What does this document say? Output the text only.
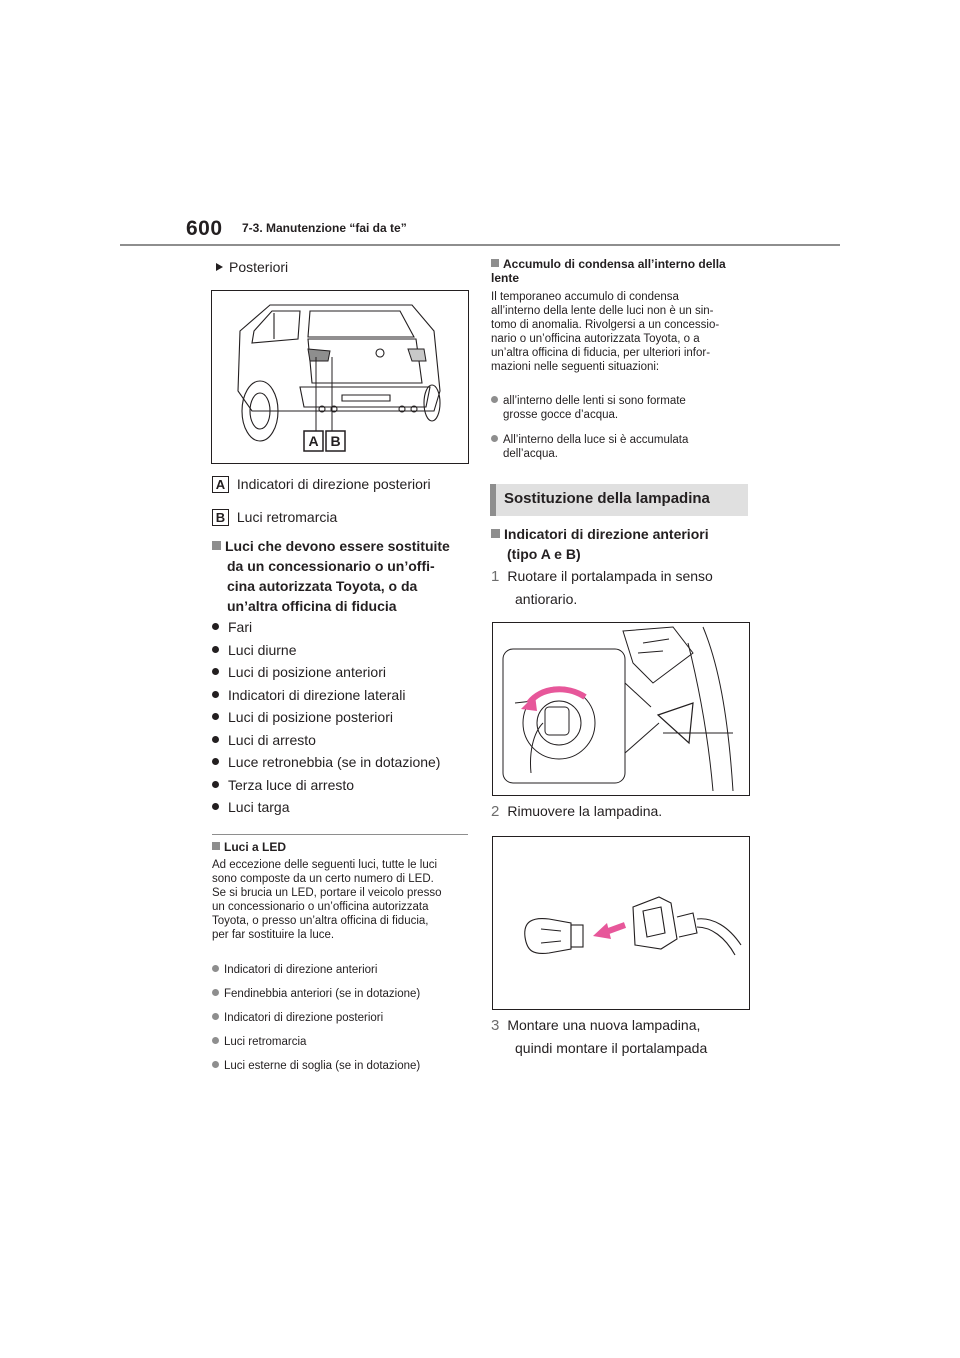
600 7-3. Manutenzione “fai da te”
Posteriori
A B
A Indicatori di direzione posteriori
B Luci retromarcia
Luci che devono essere sostituite
da un concessionario o un’offi-
cina autorizzata Toyota, o da
un’altra officina di fiducia
Fari
Luci diurne
Luci di posizione anteriori
Indicatori di direzione laterali
Luci di posizione posteriori
Luci di arresto
Luce retronebbia (se in dotazione)
Terza luce di arresto
Luci targa
Luci a LED
Ad eccezione delle seguenti luci, tutte le luci
sono composte da un certo numero di LED.
Se si brucia un LED, portare il veicolo presso
un concessionario o un’officina autorizzata
Toyota, o presso un’altra officina di fiducia,
per far sostituire la luce.
Indicatori di direzione anteriori
Fendinebbia anteriori (se in dotazione)
Indicatori di direzione posteriori
Luci retromarcia
Luci esterne di soglia (se in dotazione)
Accumulo di condensa all’interno della
lente
Il temporaneo accumulo di condensa
all’interno della lente delle luci non è un sin-
tomo di anomalia. Rivolgersi a un concessio-
nario o un’officina autorizzata Toyota, o a
un’altra officina di fiducia, per ulteriori infor-
mazioni nelle seguenti situazioni:
all’interno delle lenti si sono formate
grosse gocce d’acqua.
All’interno della luce si è accumulata
dell’acqua.
Sostituzione della lampadina
Indicatori di direzione anteriori
(tipo A e B)
1 Ruotare il portalampada in senso
antiorario.
2 Rimuovere la lampadina.
3 Montare una nuova lampadina,
quindi montare il portalampada
